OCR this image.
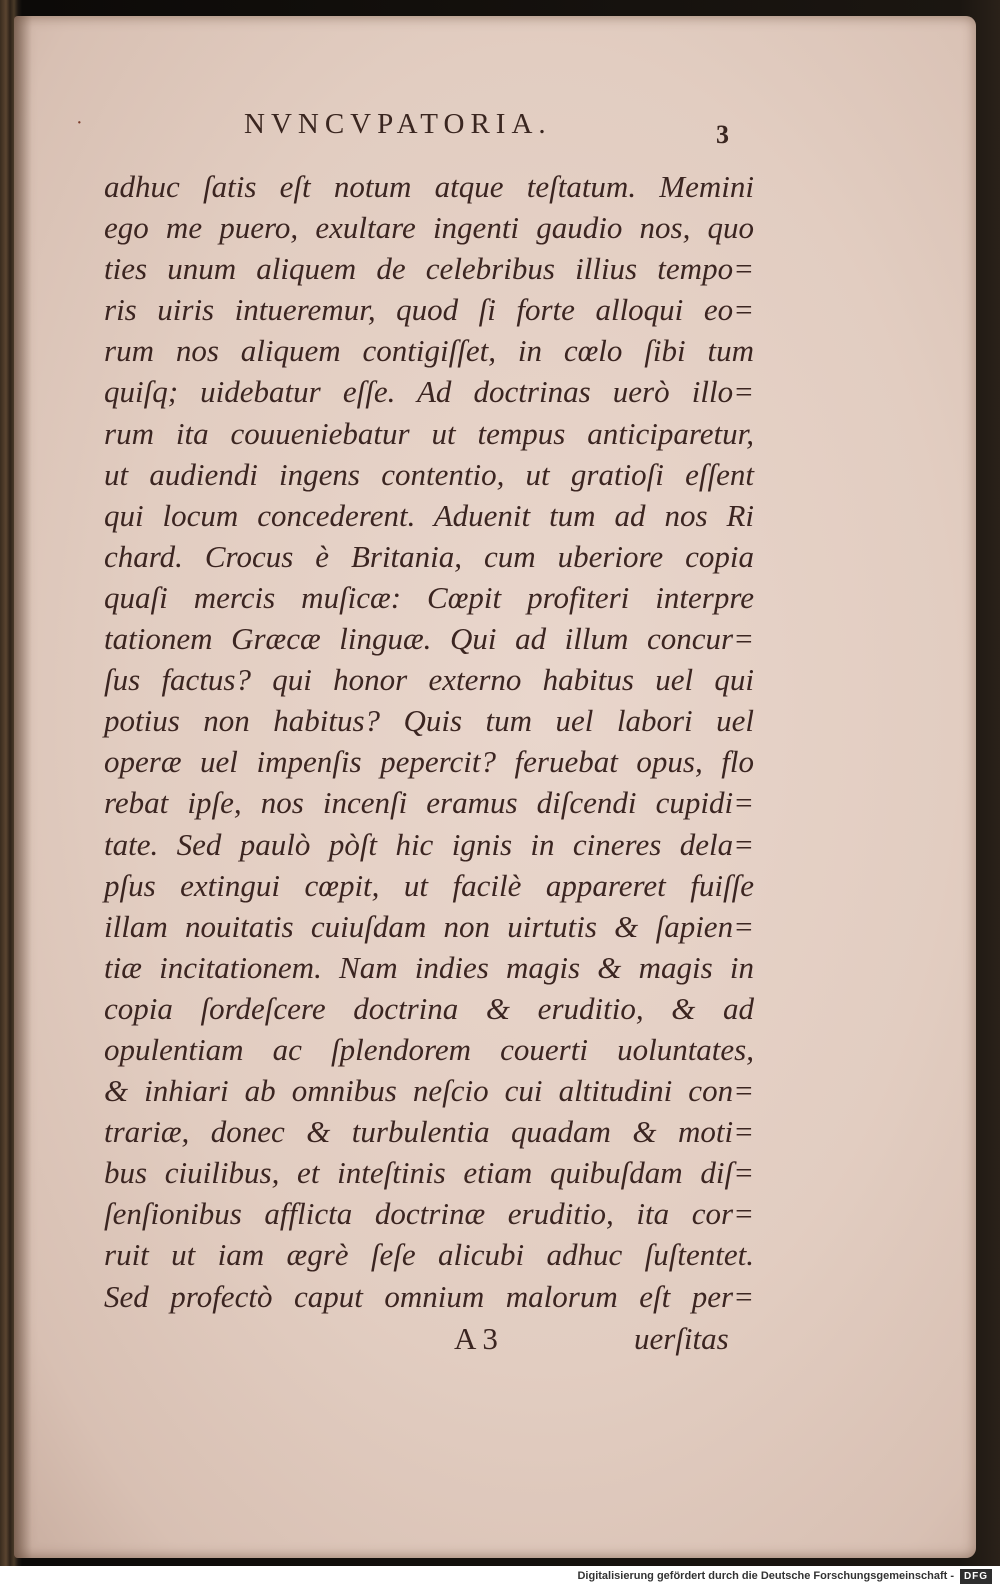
·	NVNCVPATORIA.	3
adhuc ſatis eſt notum atque teſtatum. Memini
ego me puero, exultare ingenti gaudio nos, quo
ties unum aliquem de celebribus illius tempo=
ris uiris intueremur, quod ſi forte alloqui eo=
rum nos aliquem contigiſſet, in cœlo ſibi tum
quiſq; uidebatur eſſe. Ad doctrinas uerò illo=
rum ita couueniebatur ut tempus anticiparetur,
ut audiendi ingens contentio, ut gratioſi eſſent
qui locum concederent. Aduenit tum ad nos Ri
chard. Crocus è Britania, cum uberiore copia
quaſi mercis muſicæ: Cœpit profiteri interpre
tationem Græcæ linguæ. Qui ad illum concur=
ſus factus? qui honor externo habitus uel qui
potius non habitus? Quis tum uel labori uel
operæ uel impenſis pepercit? feruebat opus, flo
rebat ipſe, nos incenſi eramus diſcendi cupidi=
tate. Sed paulò pòſt hic ignis in cineres dela=
pſus extingui cœpit, ut facilè appareret fuiſſe
illam nouitatis cuiuſdam non uirtutis & ſapien=
tiæ incitationem. Nam indies magis & magis in
copia ſordeſcere doctrina & eruditio, & ad
opulentiam ac ſplendorem couerti uoluntates,
& inhiari ab omnibus neſcio cui altitudini con=
trariæ, donec & turbulentia quadam & moti=
bus ciuilibus, et inteſtinis etiam quibuſdam diſ=
ſenſionibus afflicta doctrinæ eruditio, ita cor=
ruit ut iam ægrè ſeſe alicubi adhuc ſuſtentet.
Sed profectò caput omnium malorum eſt per=
A 3	uerſitas
Digitalisierung gefördert durch die Deutsche Forschungsgemeinschaft - DFG
